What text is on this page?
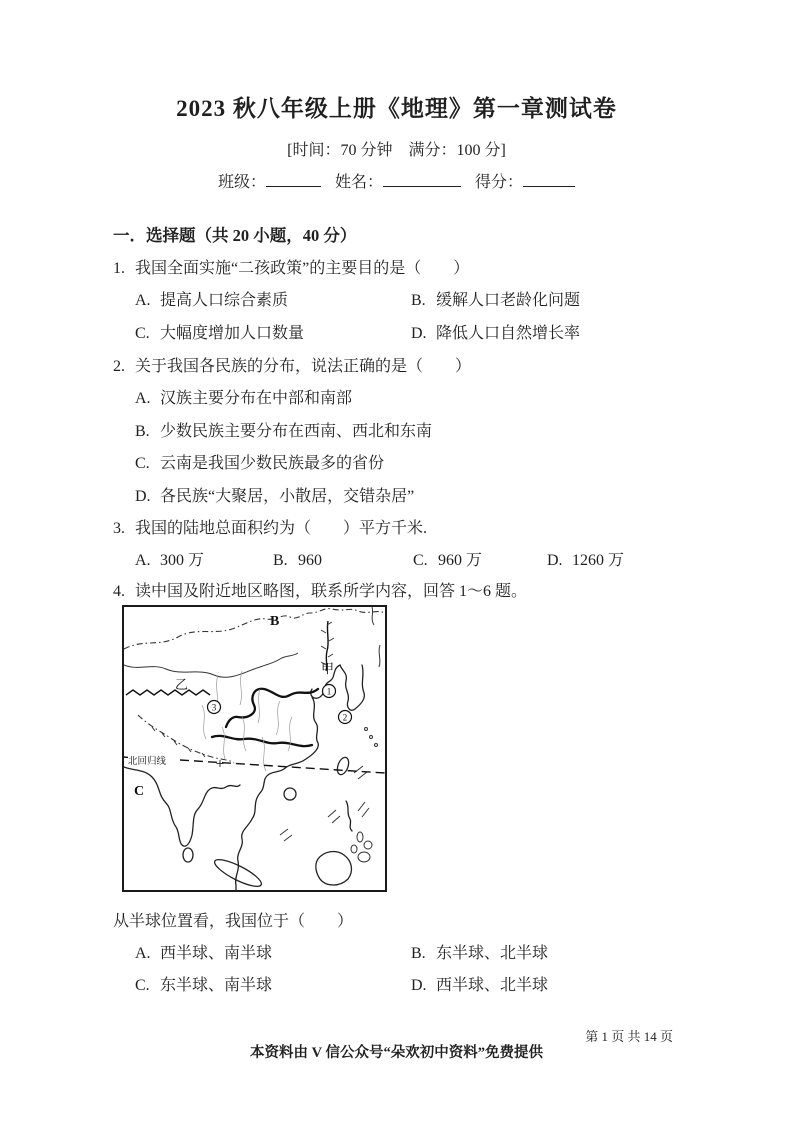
2023 秋八年级上册《地理》第一章测试卷
[时间：70 分钟　满分：100 分]
班级：	姓名：	得分：
一．选择题（共 20 小题，40 分）
1. 我国全面实施“二孩政策”的主要目的是（　　）
A. 提高人口综合素质	B. 缓解人口老龄化问题
C. 大幅度增加人口数量	D. 降低人口自然增长率
2. 关于我国各民族的分布，说法正确的是（　　）
A. 汉族主要分布在中部和南部
B. 少数民族主要分布在西南、西北和东南
C. 云南是我国少数民族最多的省份
D. 各民族“大聚居，小散居，交错杂居”
3. 我国的陆地总面积约为（　　）平方千米.
A. 300 万	B. 960	C. 960 万	D. 1260 万
4. 读中国及附近地区略图，联系所学内容，回答 1～6 题。
北回归线
B
甲
乙
C
1
2
3
从半球位置看，我国位于（　　）
A. 西半球、南半球	B. 东半球、北半球
C. 东半球、南半球	D. 西半球、北半球
第 1 页 共 14 页
本资料由 V 信公众号“朵欢初中资料”免费提供
